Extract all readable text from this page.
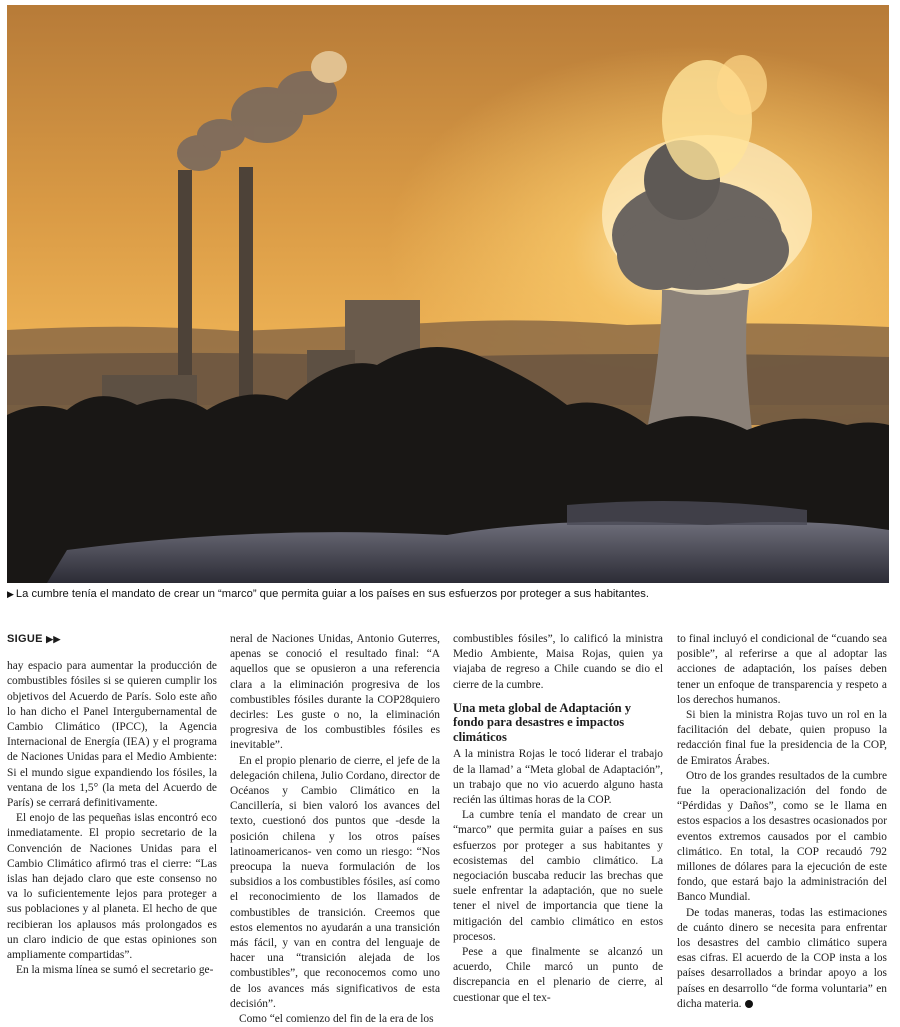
▶ La cumbre tenía el mandato de crear un “marco” que permita guiar a los países en sus esfuerzos por proteger a sus habitantes.
SIGUE ▶▶

hay espacio para aumentar la producción de combustibles fósiles si se quieren cumplir los objetivos del Acuerdo de París. Solo este año lo han dicho el Panel Intergubernamental de Cambio Climático (IPCC), la Agencia Internacional de Energía (IEA) y el programa de Naciones Unidas para el Medio Ambiente: Si el mundo sigue expandiendo los fósiles, la ventana de los 1,5° (la meta del Acuerdo de París) se cerrará definitivamente.

El enojo de las pequeñas islas encontró eco inmediatamente. El propio secretario de la Convención de Naciones Unidas para el Cambio Climático afirmó tras el cierre: “Las islas han dejado claro que este consenso no va lo suficientemente lejos para proteger a sus poblaciones y al planeta. El hecho de que recibieran los aplausos más prolongados es un claro indicio de que estas opiniones son ampliamente compartidas”.

En la misma línea se sumó el secretario ge-

neral de Naciones Unidas, Antonio Guterres, apenas se conoció el resultado final: “A aquellos que se opusieron a una referencia clara a la eliminación progresiva de los combustibles fósiles durante la COP28quiero decirles: Les guste o no, la eliminación progresiva de los combustibles fósiles es inevitable”.

En el propio plenario de cierre, el jefe de la delegación chilena, Julio Cordano, director de Océanos y Cambio Climático en la Cancillería, si bien valoró los avances del texto, cuestionó dos puntos que -desde la posición chilena y los otros países latinoamericanos- ven como un riesgo: “Nos preocupa la nueva formulación de los subsidios a los combustibles fósiles, así como el reconocimiento de los llamados de combustibles de transición. Creemos que estos elementos no ayudarán a una transición más fácil, y van en contra del lenguaje de hacer una “transición alejada de los combustibles”, que reconocemos como uno de los avances más significativos de esta decisión”.

Como “el comienzo del fin de la era de los

combustibles fósiles”, lo calificó la ministra Medio Ambiente, Maisa Rojas, quien ya viajaba de regreso a Chile cuando se dio el cierre de la cumbre.

Una meta global de Adaptación y fondo para desastres e impactos climáticos

A la ministra Rojas le tocó liderar el trabajo de la llamad’ a “Meta global de Adaptación”, un trabajo que no vio acuerdo alguno hasta recién las últimas horas de la COP.

La cumbre tenía el mandato de crear un “marco” que permita guiar a países en sus esfuerzos por proteger a sus habitantes y ecosistemas del cambio climático. La negociación buscaba reducir las brechas que suele enfrentar la adaptación, que no suele tener el nivel de importancia que tiene la mitigación del cambio climático en estos procesos.

Pese a que finalmente se alcanzó un acuerdo, Chile marcó un punto de discrepancia en el plenario de cierre, al cuestionar que el tex-

to final incluyó el condicional de “cuando sea posible”, al referirse a que al adoptar las acciones de adaptación, los países deben tener un enfoque de transparencia y respeto a los derechos humanos.

Si bien la ministra Rojas tuvo un rol en la facilitación del debate, quien propuso la redacción final fue la presidencia de la COP, de Emiratos Árabes.

Otro de los grandes resultados de la cumbre fue la operacionalización del fondo de “Pérdidas y Daños”, como se le llama en estos espacios a los desastres ocasionados por eventos extremos causados por el cambio climático. En total, la COP recaudó 792 millones de dólares para la ejecución de este fondo, que estará bajo la administración del Banco Mundial.

De todas maneras, todas las estimaciones de cuánto dinero se necesita para enfrentar los desastres del cambio climático supera esas cifras. El acuerdo de la COP insta a los países desarrollados a brindar apoyo a los países en desarrollo “de forma voluntaria” en dicha materia.
